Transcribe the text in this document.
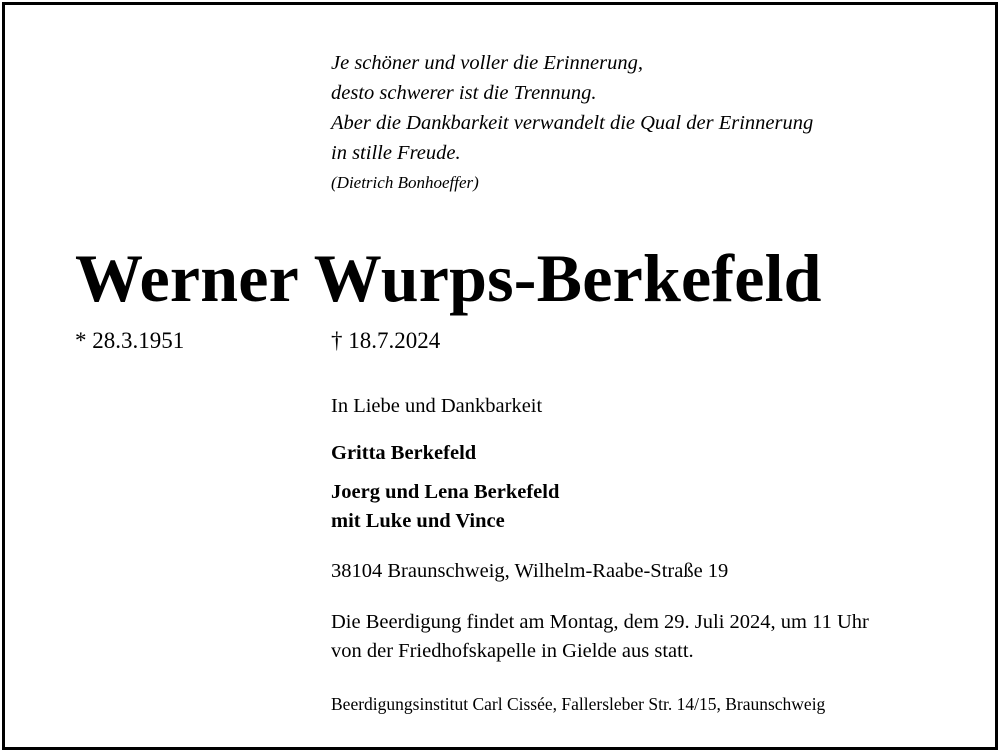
Je schöner und voller die Erinnerung,
desto schwerer ist die Trennung.
Aber die Dankbarkeit verwandelt die Qual der Erinnerung
in stille Freude.
(Dietrich Bonhoeffer)
Werner Wurps-Berkefeld
* 28.3.1951	† 18.7.2024
In Liebe und Dankbarkeit
Gritta Berkefeld
Joerg und Lena Berkefeld
mit Luke und Vince
38104 Braunschweig, Wilhelm-Raabe-Straße 19
Die Beerdigung findet am Montag, dem 29. Juli 2024, um 11 Uhr
von der Friedhofskapelle in Gielde aus statt.
Beerdigungsinstitut Carl Cissée, Fallersleber Str. 14/15, Braunschweig
